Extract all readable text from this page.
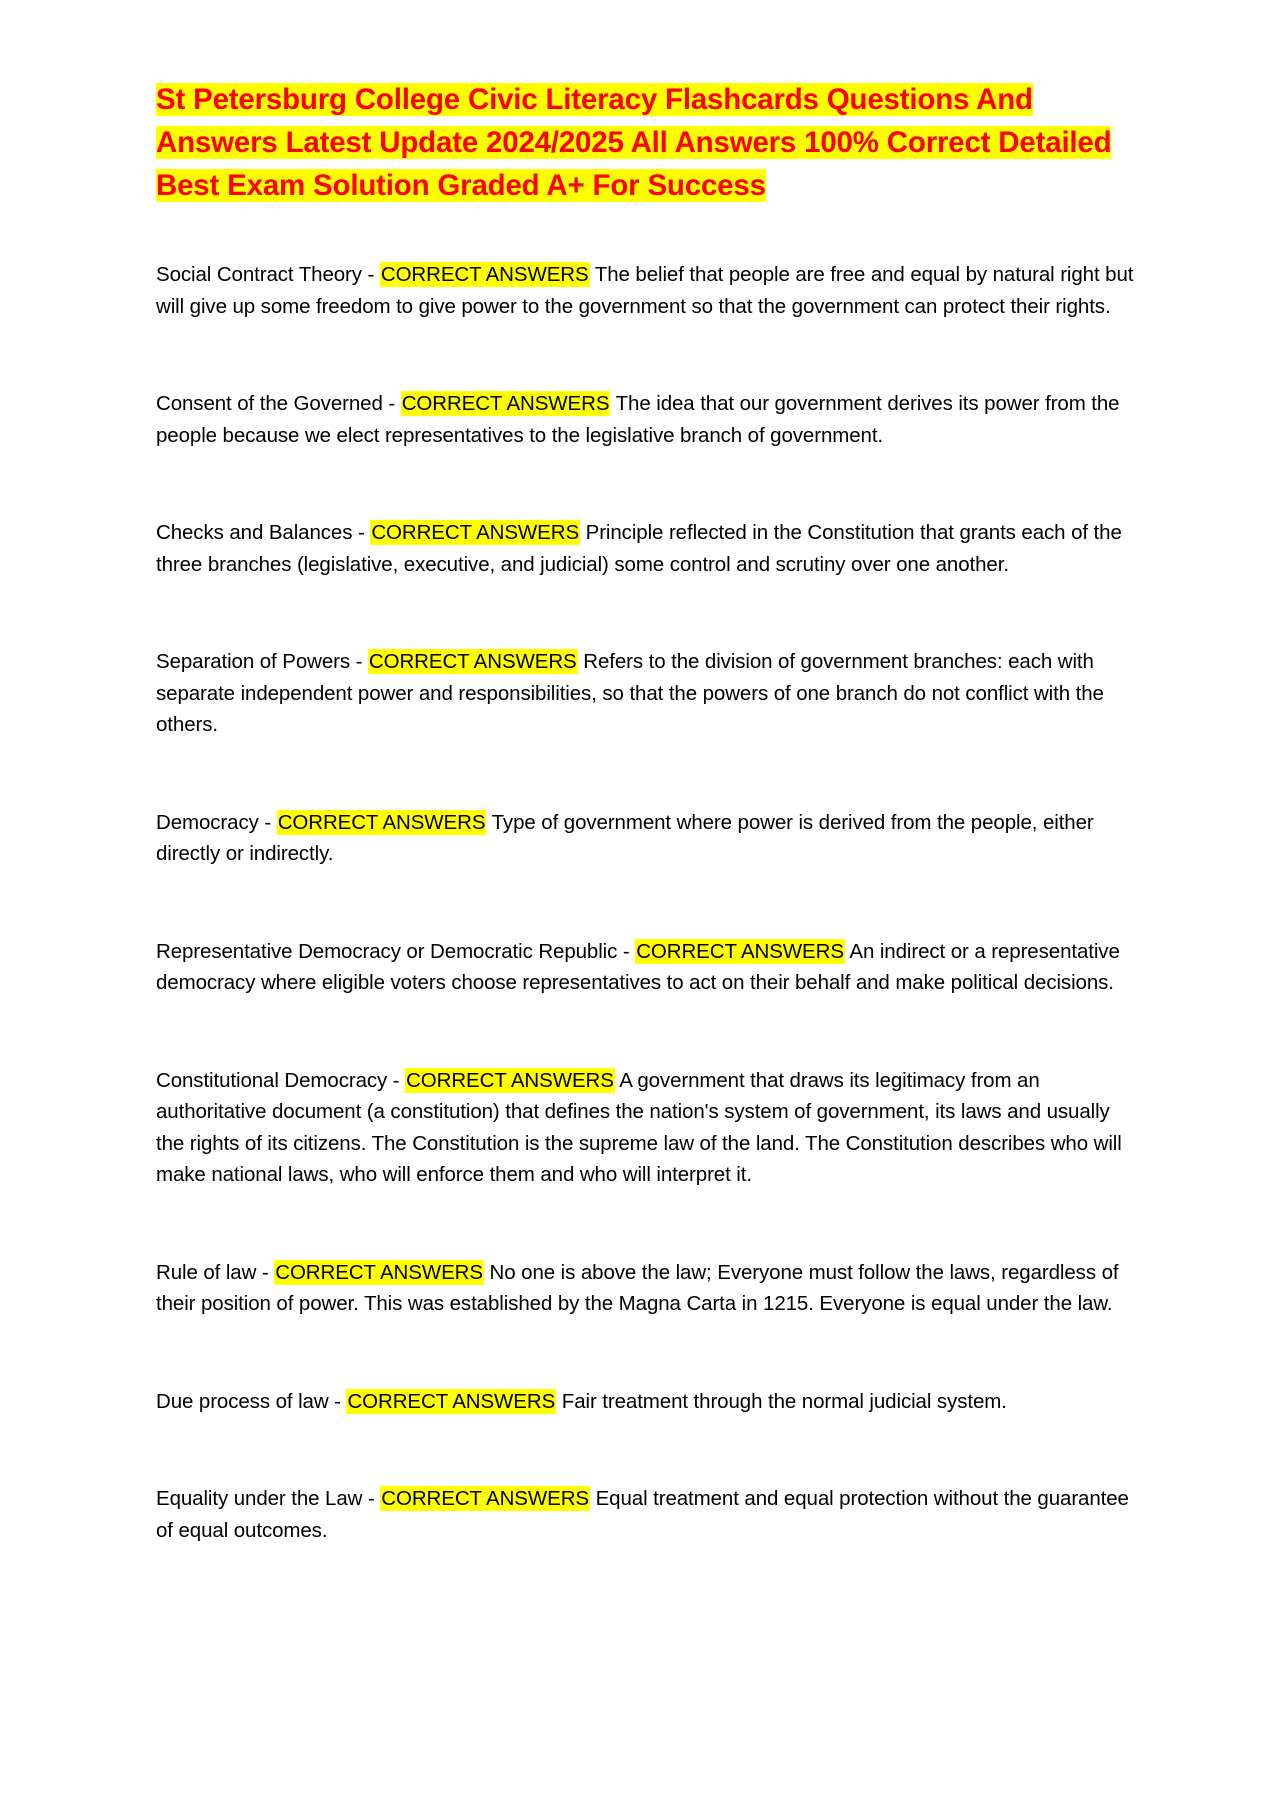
St Petersburg College Civic Literacy Flashcards Questions And Answers Latest Update 2024/2025 All Answers 100% Correct Detailed Best Exam Solution Graded A+ For Success

Social Contract Theory - CORRECT ANSWERS The belief that people are free and equal by natural right but will give up some freedom to give power to the government so that the government can protect their rights.

Consent of the Governed - CORRECT ANSWERS The idea that our government derives its power from the people because we elect representatives to the legislative branch of government.

Checks and Balances - CORRECT ANSWERS Principle reflected in the Constitution that grants each of the three branches (legislative, executive, and judicial) some control and scrutiny over one another.

Separation of Powers - CORRECT ANSWERS Refers to the division of government branches: each with separate independent power and responsibilities, so that the powers of one branch do not conflict with the others.

Democracy - CORRECT ANSWERS Type of government where power is derived from the people, either directly or indirectly.

Representative Democracy or Democratic Republic - CORRECT ANSWERS An indirect or a representative democracy where eligible voters choose representatives to act on their behalf and make political decisions.

Constitutional Democracy - CORRECT ANSWERS A government that draws its legitimacy from an authoritative document (a constitution) that defines the nation's system of government, its laws and usually the rights of its citizens. The Constitution is the supreme law of the land. The Constitution describes who will make national laws, who will enforce them and who will interpret it.

Rule of law - CORRECT ANSWERS No one is above the law; Everyone must follow the laws, regardless of their position of power. This was established by the Magna Carta in 1215. Everyone is equal under the law.

Due process of law - CORRECT ANSWERS Fair treatment through the normal judicial system.

Equality under the Law - CORRECT ANSWERS Equal treatment and equal protection without the guarantee of equal outcomes.
